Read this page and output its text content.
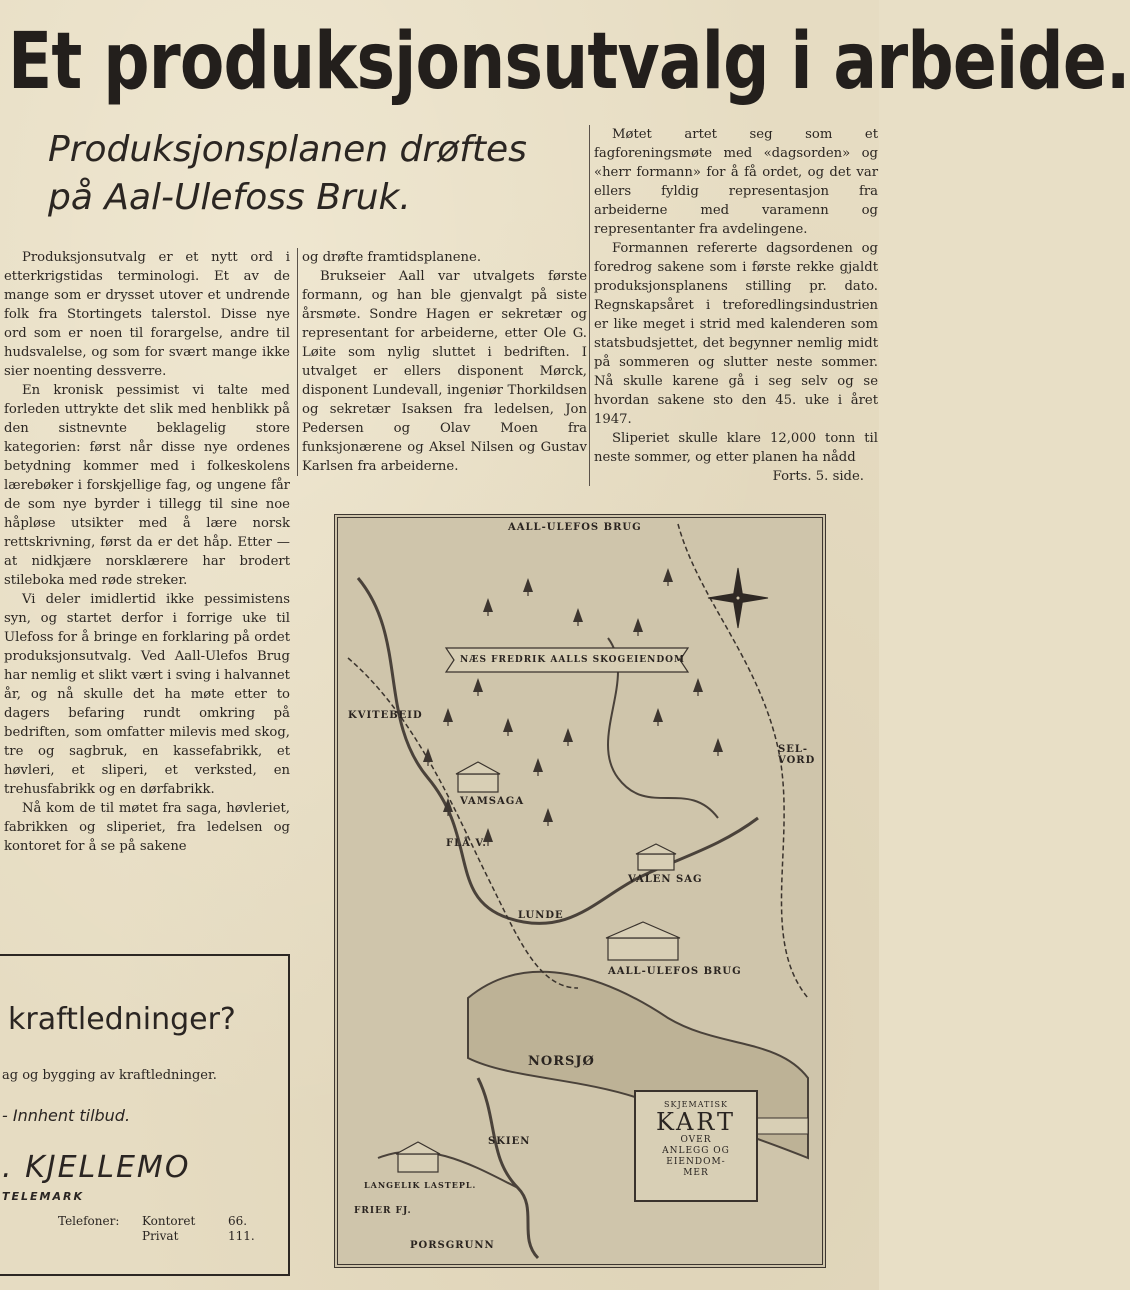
Et produksjonsutvalg i arbeide.
Produksjonsplanen drøftes
på Aal-Ulefoss Bruk.

Produksjonsutvalg er et nytt ord i etterkrigstidas terminologi. Et av de mange som er drysset utover et undrende folk fra Stortingets talerstol. Disse nye ord som er noen til forargelse, andre til hudsvalelse, og som for svært mange ikke sier noenting dessverre.

En kronisk pessimist vi talte med forleden uttrykte det slik med henblikk på den sistnevnte beklagelig store kategorien: først når disse nye ordenes betydning kommer med i folkeskolens lærebøker i forskjellige fag, og ungene får de som nye byrder i tillegg til sine noe håpløse utsikter med å lære norsk rettskrivning, først da er det håp. Etter — at nidkjære norsklærere har brodert stileboka med røde streker.

Vi deler imidlertid ikke pessimistens syn, og startet derfor i forrige uke til Ulefoss for å bringe en forklaring på ordet produksjonsutvalg. Ved Aall-Ulefos Brug har nemlig et slikt vært i sving i halvannet år, og nå skulle det ha møte etter to dagers befaring rundt omkring på bedriften, som omfatter milevis med skog, tre og sagbruk, en kassefabrikk, et høvleri, et sliperi, et verksted, en trehusfabrikk og en dørfabrikk.

Nå kom de til møtet fra saga, høvleriet, fabrikken og sliperiet, fra ledelsen og kontoret for å se på sakene

og drøfte framtidsplanene.

Brukseier Aall var utvalgets første formann, og han ble gjenvalgt på siste årsmøte. Sondre Hagen er sekretær og representant for arbeiderne, etter Ole G. Løite som nylig sluttet i bedriften. I utvalget er ellers disponent Mørck, disponent Lundevall, ingeniør Thorkildsen og sekretær Isaksen fra ledelsen, Jon Pedersen og Olav Moen fra funksjonærene og Aksel Nilsen og Gustav Karlsen fra arbeiderne.

Møtet artet seg som et fagforeningsmøte med «dagsorden» og «herr formann» for å få ordet, og det var ellers fyldig representasjon fra arbeiderne med varamenn og representanter fra avdelingene.

Formannen refererte dagsordenen og foredrog sakene som i første rekke gjaldt produksjonsplanens stilling pr. dato. Regnskapsåret i treforedlingsindustrien er like meget i strid med kalenderen som statsbudsjettet, det begynner nemlig midt på sommeren og slutter neste sommer. Nå skulle karene gå i seg selv og se hvordan sakene sto den 45. uke i året 1947.

Sliperiet skulle klare 12,000 tonn til neste sommer, og etter planen ha nådd

Forts. 5. side.
kraftledninger?
ag og bygging av kraftledninger.
- Innhent tilbud.
. KJELLEMO
TELEMARK
Telefoner:	Kontoret	66.
Privat	111.
AALL-ULEFOS BRUG
NÆS FREDRIK AALLS SKOGEIENDOM
KVITEBEID
VAMSAGA
SEL-VORD
FLÅ V.
VALEN SAG
LUNDE
AALL-ULEFOS BRUG
NORSJØ
SKIEN
LANGELIK LASTEPL.
FRIER FJ.
PORSGRUNN
SKJEMATISK
KART
OVER
ANLEGG OG
EIENDOM-
MER
